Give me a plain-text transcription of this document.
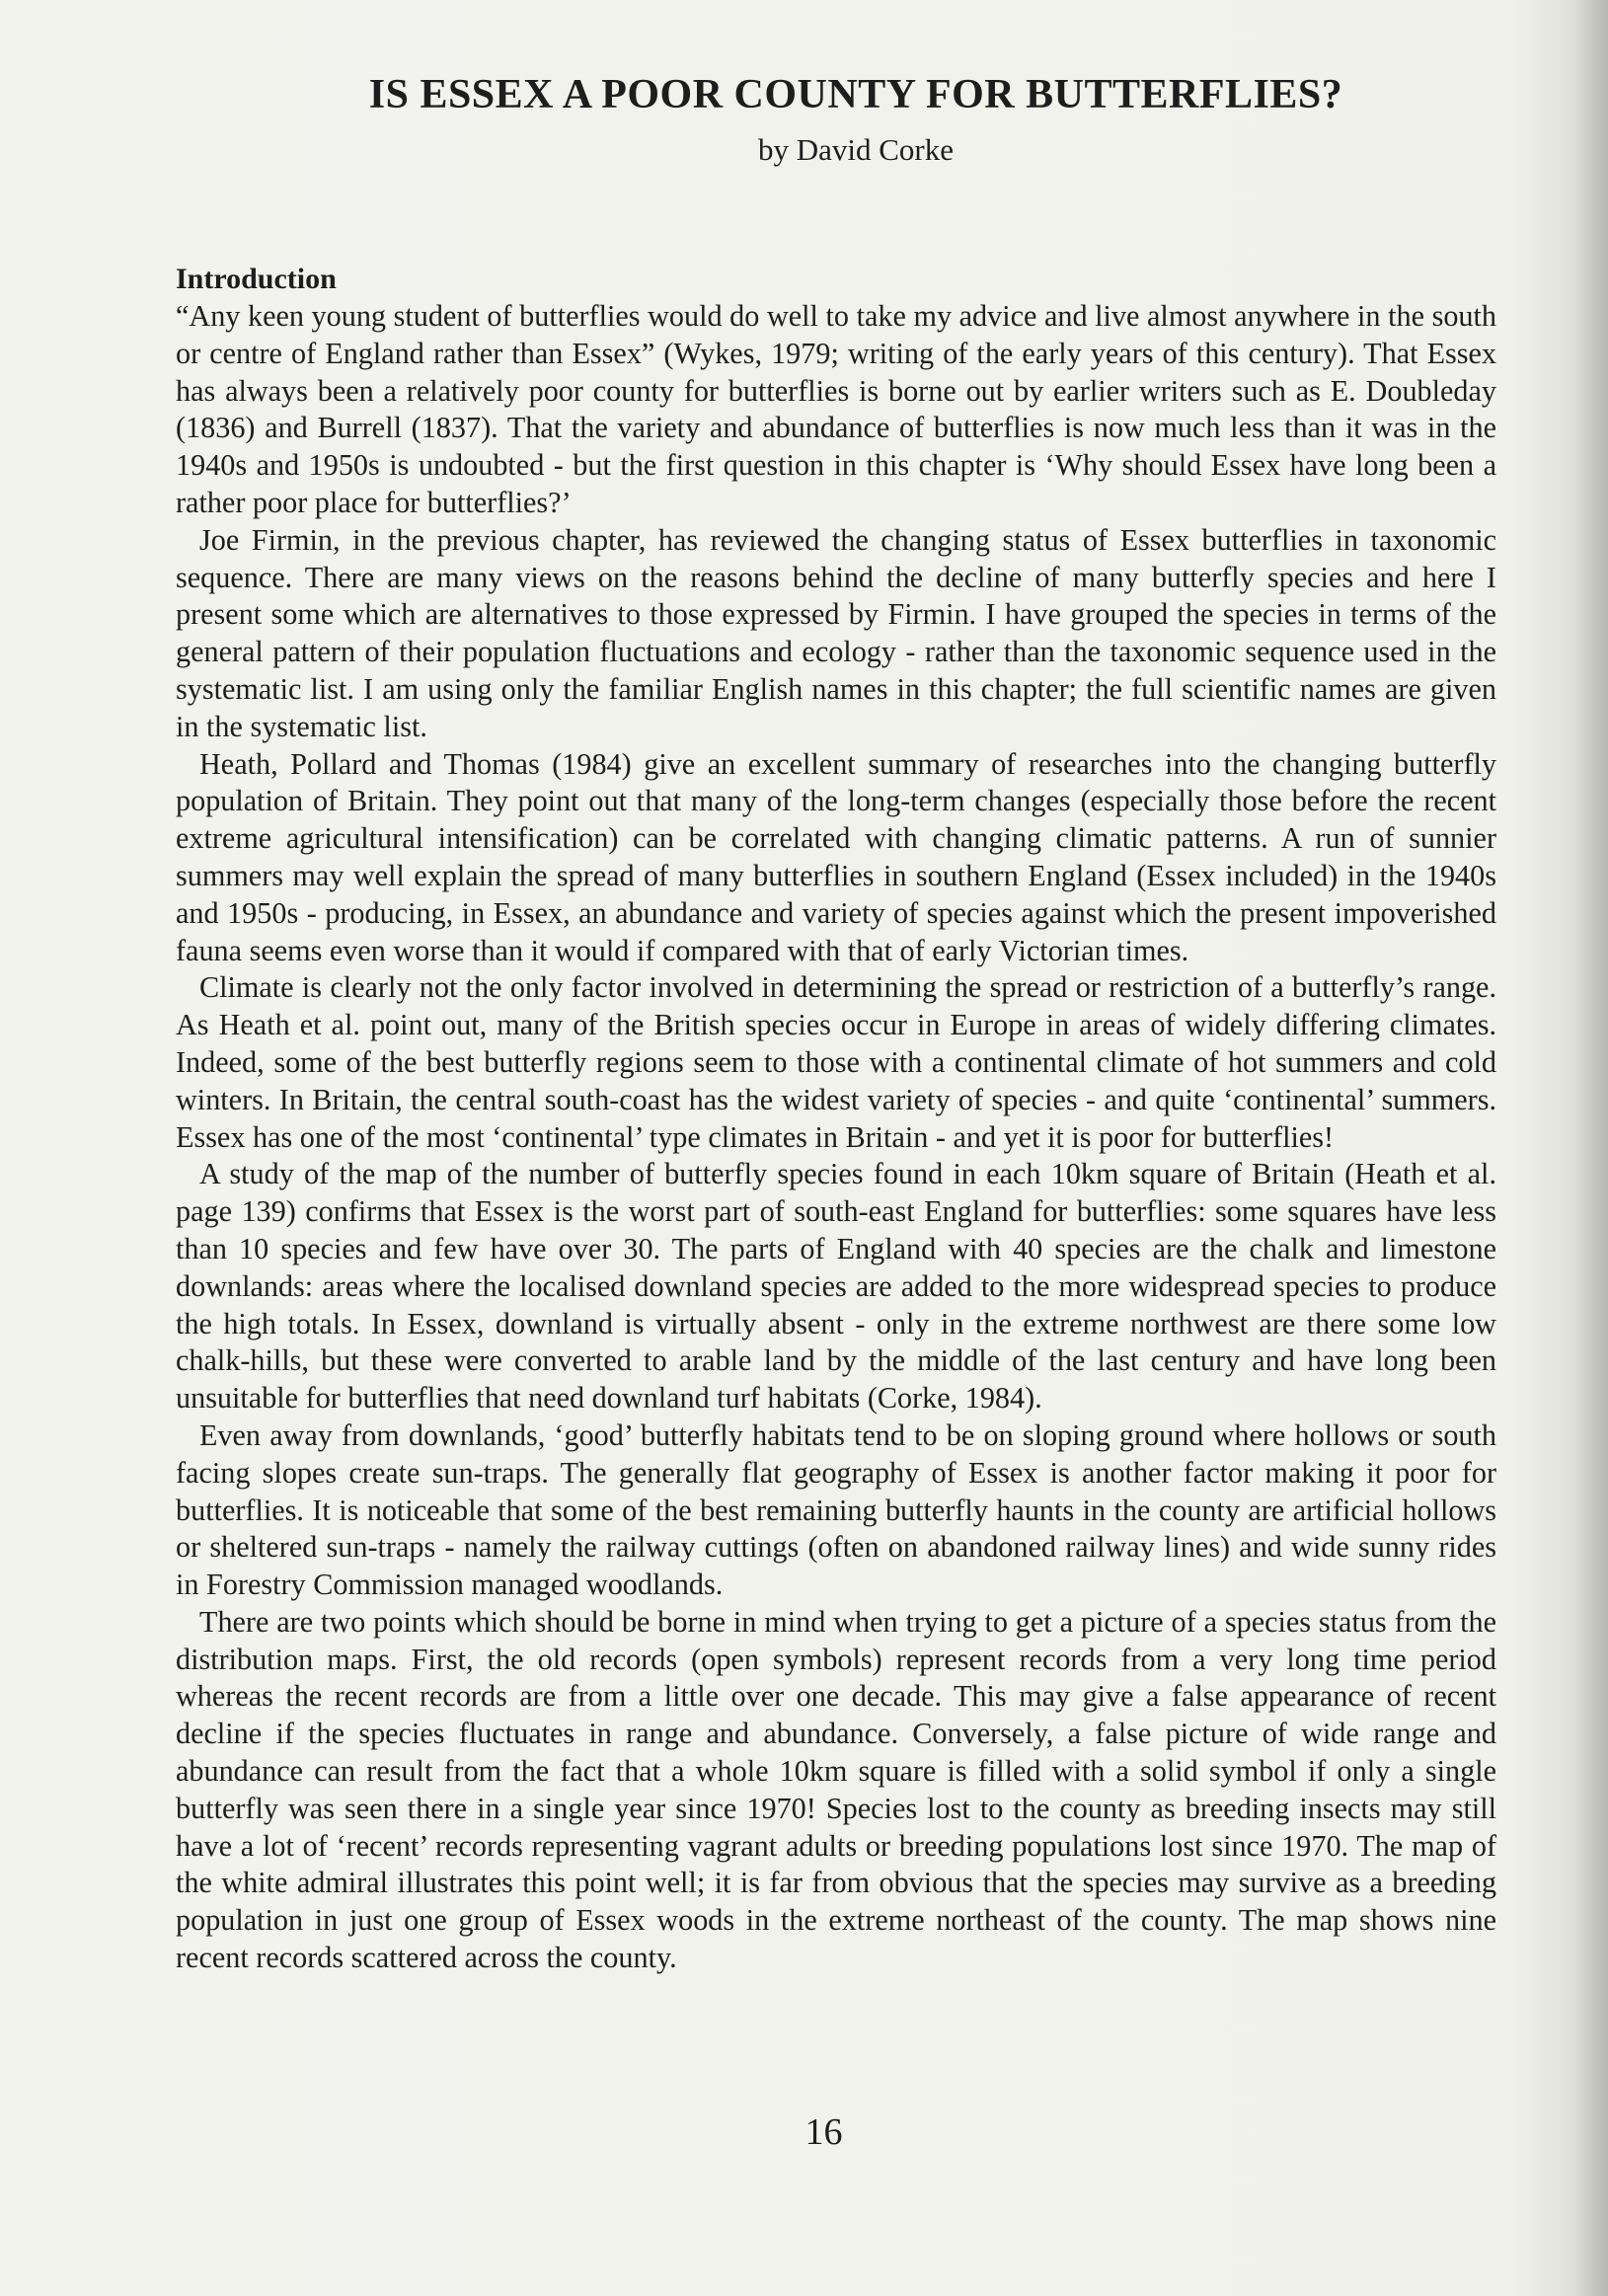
IS ESSEX A POOR COUNTY FOR BUTTERFLIES?
by David Corke
Introduction

“Any keen young student of butterflies would do well to take my advice and live almost anywhere in the south or centre of England rather than Essex” (Wykes, 1979; writing of the early years of this century). That Essex has always been a relatively poor county for butterflies is borne out by earlier writers such as E. Doubleday (1836) and Burrell (1837). That the variety and abundance of butterflies is now much less than it was in the 1940s and 1950s is undoubted - but the first question in this chapter is ‘Why should Essex have long been a rather poor place for butterflies?’

Joe Firmin, in the previous chapter, has reviewed the changing status of Essex butterflies in taxonomic sequence. There are many views on the reasons behind the decline of many butterfly species and here I present some which are alternatives to those expressed by Firmin. I have grouped the species in terms of the general pattern of their population fluctuations and ecology - rather than the taxonomic sequence used in the systematic list. I am using only the familiar English names in this chapter; the full scientific names are given in the systematic list.

Heath, Pollard and Thomas (1984) give an excellent summary of researches into the changing butterfly population of Britain. They point out that many of the long-term changes (especially those before the recent extreme agricultural intensification) can be correlated with changing climatic patterns. A run of sunnier summers may well explain the spread of many butterflies in southern England (Essex included) in the 1940s and 1950s - producing, in Essex, an abundance and variety of species against which the present impoverished fauna seems even worse than it would if compared with that of early Victorian times.

Climate is clearly not the only factor involved in determining the spread or restriction of a butterfly’s range. As Heath et al. point out, many of the British species occur in Europe in areas of widely differing climates. Indeed, some of the best butterfly regions seem to those with a continental climate of hot summers and cold winters. In Britain, the central south-coast has the widest variety of species - and quite ‘continental’ summers. Essex has one of the most ‘continental’ type climates in Britain - and yet it is poor for butterflies!

A study of the map of the number of butterfly species found in each 10km square of Britain (Heath et al. page 139) confirms that Essex is the worst part of south-east England for butterflies: some squares have less than 10 species and few have over 30. The parts of England with 40 species are the chalk and limestone downlands: areas where the localised downland species are added to the more widespread species to produce the high totals. In Essex, downland is virtually absent - only in the extreme northwest are there some low chalk-hills, but these were converted to arable land by the middle of the last century and have long been unsuitable for butterflies that need downland turf habitats (Corke, 1984).

Even away from downlands, ‘good’ butterfly habitats tend to be on sloping ground where hollows or south facing slopes create sun-traps. The generally flat geography of Essex is another factor making it poor for butterflies. It is noticeable that some of the best remaining butterfly haunts in the county are artificial hollows or sheltered sun-traps - namely the railway cuttings (often on abandoned railway lines) and wide sunny rides in Forestry Commission managed woodlands.

There are two points which should be borne in mind when trying to get a picture of a species status from the distribution maps. First, the old records (open symbols) represent records from a very long time period whereas the recent records are from a little over one decade. This may give a false appearance of recent decline if the species fluctuates in range and abundance. Conversely, a false picture of wide range and abundance can result from the fact that a whole 10km square is filled with a solid symbol if only a single butterfly was seen there in a single year since 1970! Species lost to the county as breeding insects may still have a lot of ‘recent’ records representing vagrant adults or breeding populations lost since 1970. The map of the white admiral illustrates this point well; it is far from obvious that the species may survive as a breeding population in just one group of Essex woods in the extreme northeast of the county. The map shows nine recent records scattered across the county.

16
